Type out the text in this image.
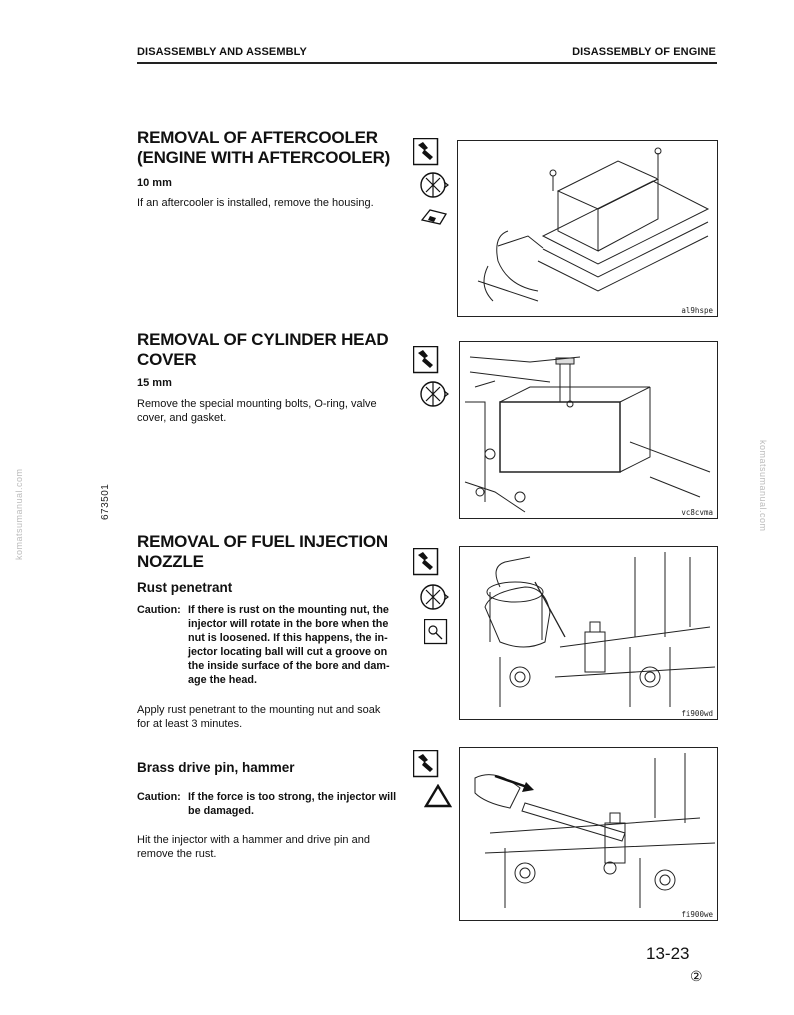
DISASSEMBLY AND ASSEMBLY	DISASSEMBLY OF ENGINE
673501
komatsumanual.com	komatsumanual.com
REMOVAL OF AFTERCOOLER
(ENGINE WITH AFTERCOOLER)
10 mm
If an aftercooler is installed, remove the housing.
al9hspe
REMOVAL OF CYLINDER HEAD
COVER
15 mm
Remove the special mounting bolts, O-ring, valve
cover, and gasket.
vc8cvma
REMOVAL OF FUEL INJECTION
NOZZLE
Rust penetrant
Caution: If there is rust on the mounting nut, the
injector will rotate in the bore when the
nut is loosened. If this happens, the in-
jector locating ball will cut a groove on
the inside surface of the bore and dam-
age the head.
Apply rust penetrant to the mounting nut and soak
for at least 3 minutes.
fi900wd
Brass drive pin, hammer
Caution: If the force is too strong, the injector will
be damaged.
Hit the injector with a hammer and drive pin and
remove the rust.
fi900we
13-23
②
